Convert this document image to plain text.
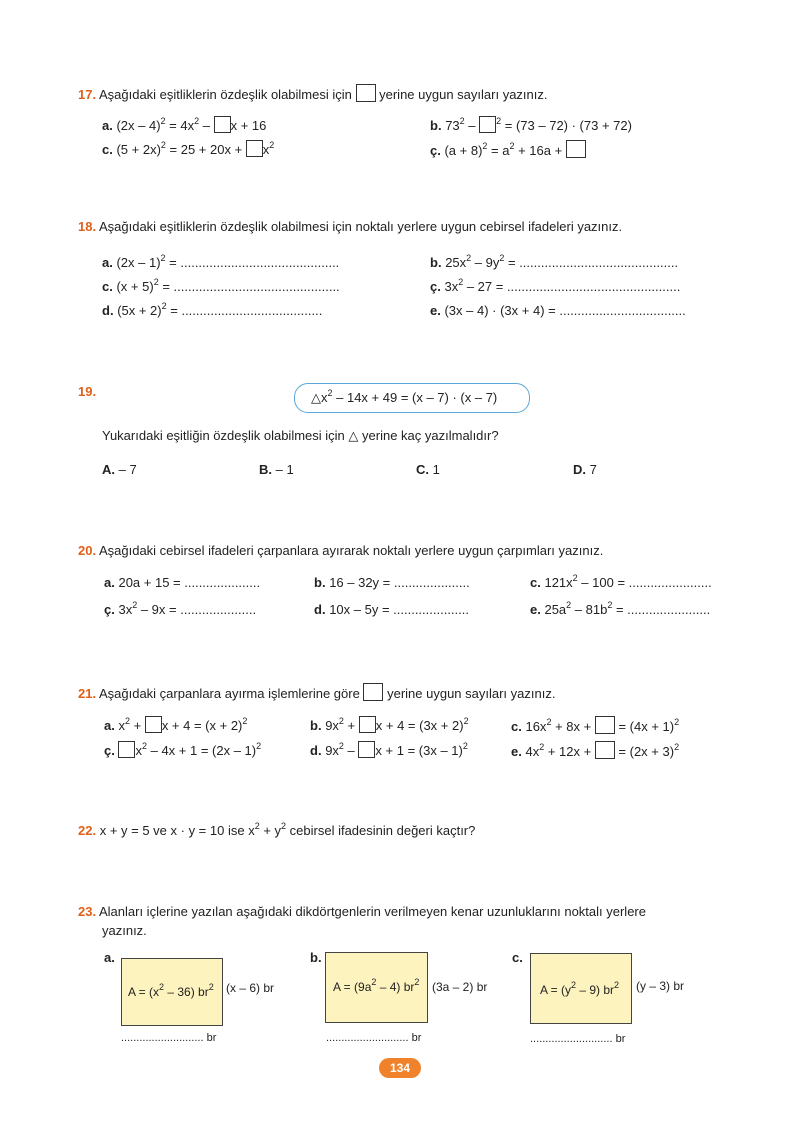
17. Aşağıdaki eşitliklerin özdeşlik olabilmesi için yerine uygun sayıları yazınız.
a. $(2x - 4)^2 = 4x^2 - x + 16$	b. $73^2 - ^2 = (73 - 72) \cdot (73 + 72)$
c. $(5 + 2x)^2 = 25 + 20x + x^2$	ç. $(a + 8)^2 = a^2 + 16a$ +
18. Aşağıdaki eşitliklerin özdeşlik olabilmesi için noktalı yerlere uygun cebirsel ifadeleri yazınız.
a. (2x – 1)$^2$ = ............................................	b. $25x^2 - 9y^2$ = ............................................
c. $(x + 5)^2$ = ..............................................	ç. $3x^2 - 27$ = ................................................
d. $(5x + 2)^2$ = .......................................	e. (3x – 4) · (3x + 4) = ...................................
19.	$\triangle x^2 - 14x + 49 = (x - 7) \cdot (x - 7)$
Yukarıdaki eşitliğin özdeşlik olabilmesi için △ yerine kaç yazılmalıdır?
A. – 7	B. – 1	C. 1	D. 7
20. Aşağıdaki cebirsel ifadeleri çarpanlara ayırarak noktalı yerlere uygun çarpımları yazınız.
a. 20a + 15 = .....................	b. 16 – 32y = .....................	c. $121x^2 - 100$ = .......................
ç. $3x^2 - 9x$ = .....................	d. 10x – 5y = .....................	e. $25a^2 - 81b^2$ = .......................
21. Aşağıdaki çarpanlara ayırma işlemlerine göre yerine uygun sayıları yazınız.
a. $x^2 + x + 4 = (x + 2)^2$	b. $9x^2 + x + 4 = (3x + 2)^2$	c. $16x^2 + 8x$ +  = $(4x + 1)^2$
ç. $x^2 - 4x + 1 = (2x - 1)^2$	d. $9x^2 - x + 1 = (3x - 1)^2$	e. $4x^2 + 12x$ +  = $(2x + 3)^2$
22. x + y = 5 ve x · y = 10 ise $x^2 + y^2$ cebirsel ifadesinin değeri kaçtır?
23. Alanları içlerine yazılan aşağıdaki dikdörtgenlerin verilmeyen kenar uzunluklarını noktalı yerlere
yazınız.
a.
$A = (x^2 - 36)$ $br^2$ (x – 6) br
........................... br
b.
$A = (9a^2 - 4)$ $br^2$ (3a – 2) br
........................... br
c.
$A = (y^2 - 9)$ $br^2$ (y – 3) br
........................... br
134
